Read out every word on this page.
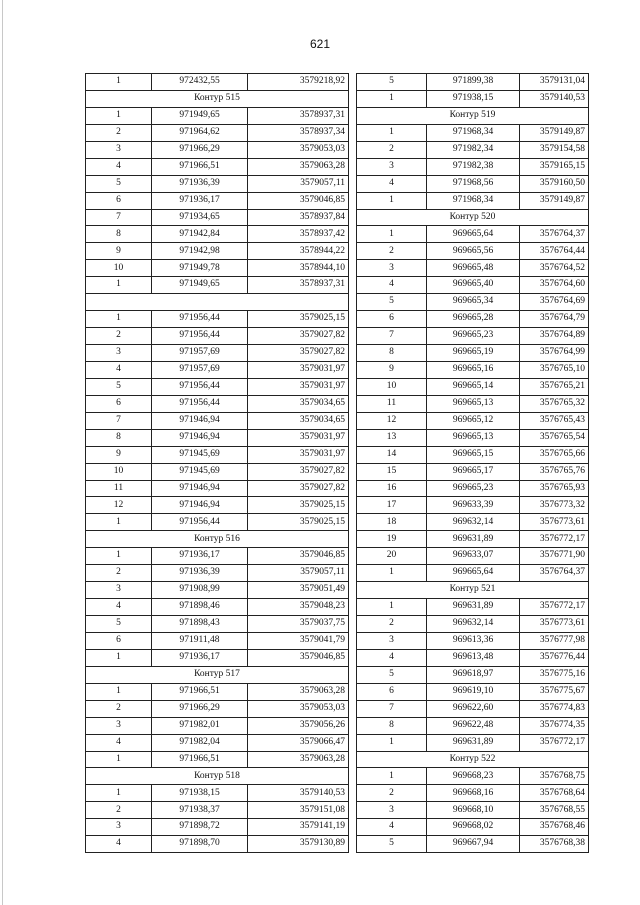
621
1	972432,55	3579218,92
Контур 515		
1	971949,65	3578937,31
2	971964,62	3578937,34
3	971966,29	3579053,03
4	971966,51	3579063,28
5	971936,39	3579057,11
6	971936,17	3579046,85
7	971934,65	3578937,84
8	971942,84	3578937,42
9	971942,98	3578944,22
10	971949,78	3578944,10
1	971949,65	3578937,31

1	971956,44	3579025,15
2	971956,44	3579027,82
3	971957,69	3579027,82
4	971957,69	3579031,97
5	971956,44	3579031,97
6	971956,44	3579034,65
7	971946,94	3579034,65
8	971946,94	3579031,97
9	971945,69	3579031,97
10	971945,69	3579027,82
11	971946,94	3579027,82
12	971946,94	3579025,15
1	971956,44	3579025,15
Контур 516		
1	971936,17	3579046,85
2	971936,39	3579057,11
3	971908,99	3579051,49
4	971898,46	3579048,23
5	971898,43	3579037,75
6	971911,48	3579041,79
1	971936,17	3579046,85
Контур 517		
1	971966,51	3579063,28
2	971966,29	3579053,03
3	971982,01	3579056,26
4	971982,04	3579066,47
1	971966,51	3579063,28
Контур 518		
1	971938,15	3579140,53
2	971938,37	3579151,08
3	971898,72	3579141,19
4	971898,70	3579130,89
5	971899,38	3579131,04
1	971938,15	3579140,53
Контур 519		
1	971968,34	3579149,87
2	971982,34	3579154,58
3	971982,38	3579165,15
4	971968,56	3579160,50
1	971968,34	3579149,87
Контур 520		
1	969665,64	3576764,37
2	969665,56	3576764,44
3	969665,48	3576764,52
4	969665,40	3576764,60
5	969665,34	3576764,69
6	969665,28	3576764,79
7	969665,23	3576764,89
8	969665,19	3576764,99
9	969665,16	3576765,10
10	969665,14	3576765,21
11	969665,13	3576765,32
12	969665,12	3576765,43
13	969665,13	3576765,54
14	969665,15	3576765,66
15	969665,17	3576765,76
16	969665,23	3576765,93
17	969633,39	3576773,32
18	969632,14	3576773,61
19	969631,89	3576772,17
20	969633,07	3576771,90
1	969665,64	3576764,37
Контур 521		
1	969631,89	3576772,17
2	969632,14	3576773,61
3	969613,36	3576777,98
4	969613,48	3576776,44
5	969618,97	3576775,16
6	969619,10	3576775,67
7	969622,60	3576774,83
8	969622,48	3576774,35
1	969631,89	3576772,17
Контур 522		
1	969668,23	3576768,75
2	969668,16	3576768,64
3	969668,10	3576768,55
4	969668,02	3576768,46
5	969667,94	3576768,38
